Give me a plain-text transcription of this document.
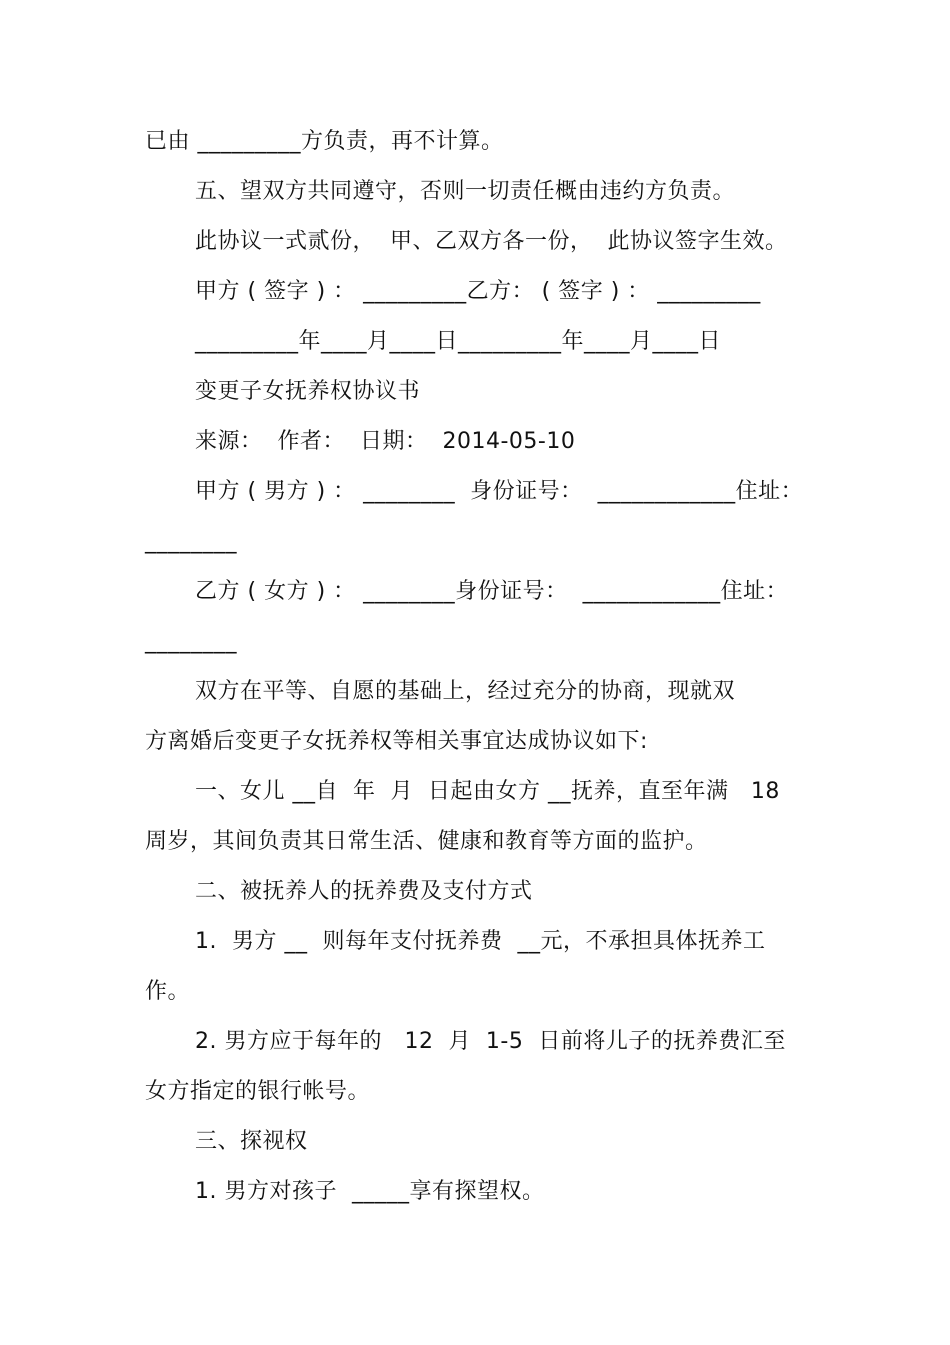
已由 _________方负责，再不计算。
五、望双方共同遵守，否则一切责任概由违约方负责。
此协议一式贰份，  甲、乙双方各一份，  此协议签字生效。
甲方 ( 签字 ) ： _________乙方： ( 签字 ) ： _________
_________年____月____日_________年____月____日
变更子女抚养权协议书
来源：  作者：  日期：  2014-05-10
甲方 ( 男方 ) ： ________  身份证号：  ____________住址：
________
乙方 ( 女方 ) ： ________身份证号：  ____________住址：
________
双方在平等、自愿的基础上，经过充分的协商，现就双
方离婚后变更子女抚养权等相关事宜达成协议如下:
一、女儿 __自  年  月  日起由女方 __抚养，直至年满   18
周岁，其间负责其日常生活、健康和教育等方面的监护。
二、被抚养人的抚养费及支付方式
1.  男方 __  则每年支付抚养费  __元，不承担具体抚养工
作。
2. 男方应于每年的   12  月  1-5  日前将儿子的抚养费汇至
女方指定的银行帐号。
三、探视权
1. 男方对孩子  _____享有探望权。
